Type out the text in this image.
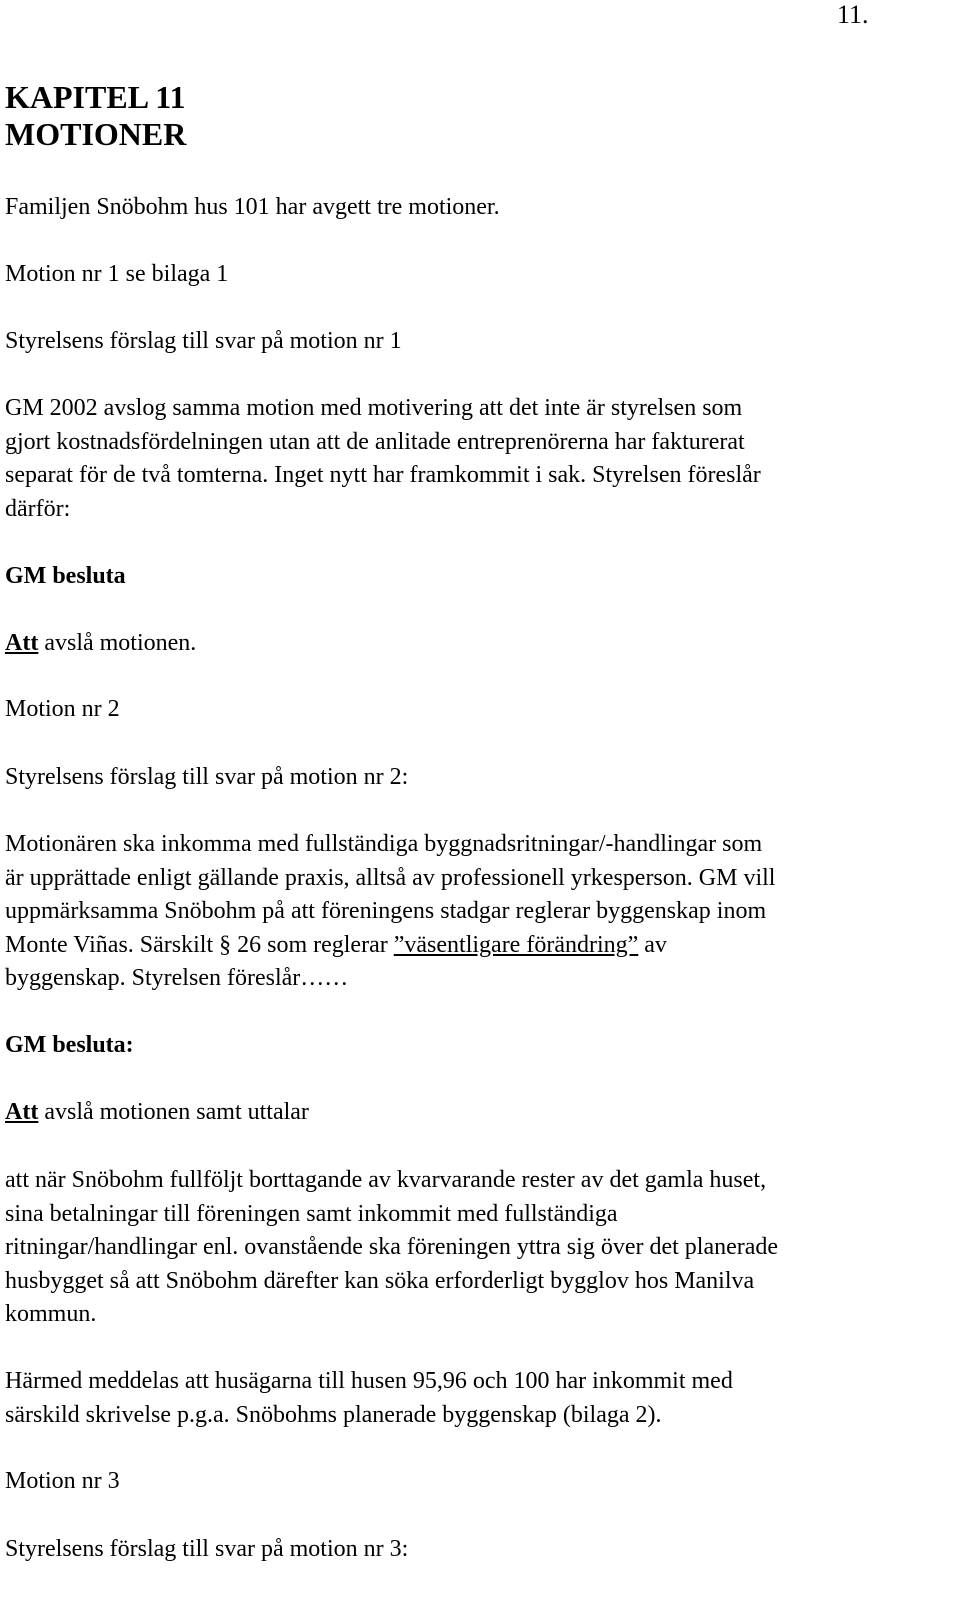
11.
KAPITEL 11
MOTIONER
Familjen Snöbohm hus 101 har avgett tre motioner.
Motion nr 1 se bilaga 1
Styrelsens förslag till svar på motion nr 1
GM 2002 avslog samma motion med motivering att det inte är styrelsen som
gjort kostnadsfördelningen utan att de anlitade entreprenörerna har fakturerat
separat för de två tomterna. Inget nytt har framkommit i sak. Styrelsen föreslår
därför:
GM besluta
Att avslå motionen.
Motion nr 2
Styrelsens förslag till svar på motion nr 2:
Motionären ska inkomma med fullständiga byggnadsritningar/-handlingar som
är upprättade enligt gällande praxis, alltså av professionell yrkesperson. GM vill
uppmärksamma Snöbohm på att föreningens stadgar reglerar byggenskap inom
Monte Viñas. Särskilt § 26 som reglerar ”väsentligare förändring” av
byggenskap. Styrelsen föreslår……
GM besluta:
Att avslå motionen samt uttalar
att när Snöbohm fullföljt borttagande av kvarvarande rester av det gamla huset,
sina betalningar till föreningen samt inkommit med fullständiga
ritningar/handlingar enl. ovanstående ska föreningen yttra sig över det planerade
husbygget så att Snöbohm därefter kan söka erforderligt bygglov hos Manilva
kommun.
Härmed meddelas att husägarna till husen 95,96 och 100 har inkommit med
särskild skrivelse p.g.a. Snöbohms planerade byggenskap (bilaga 2).
Motion nr 3
Styrelsens förslag till svar på motion nr 3:
